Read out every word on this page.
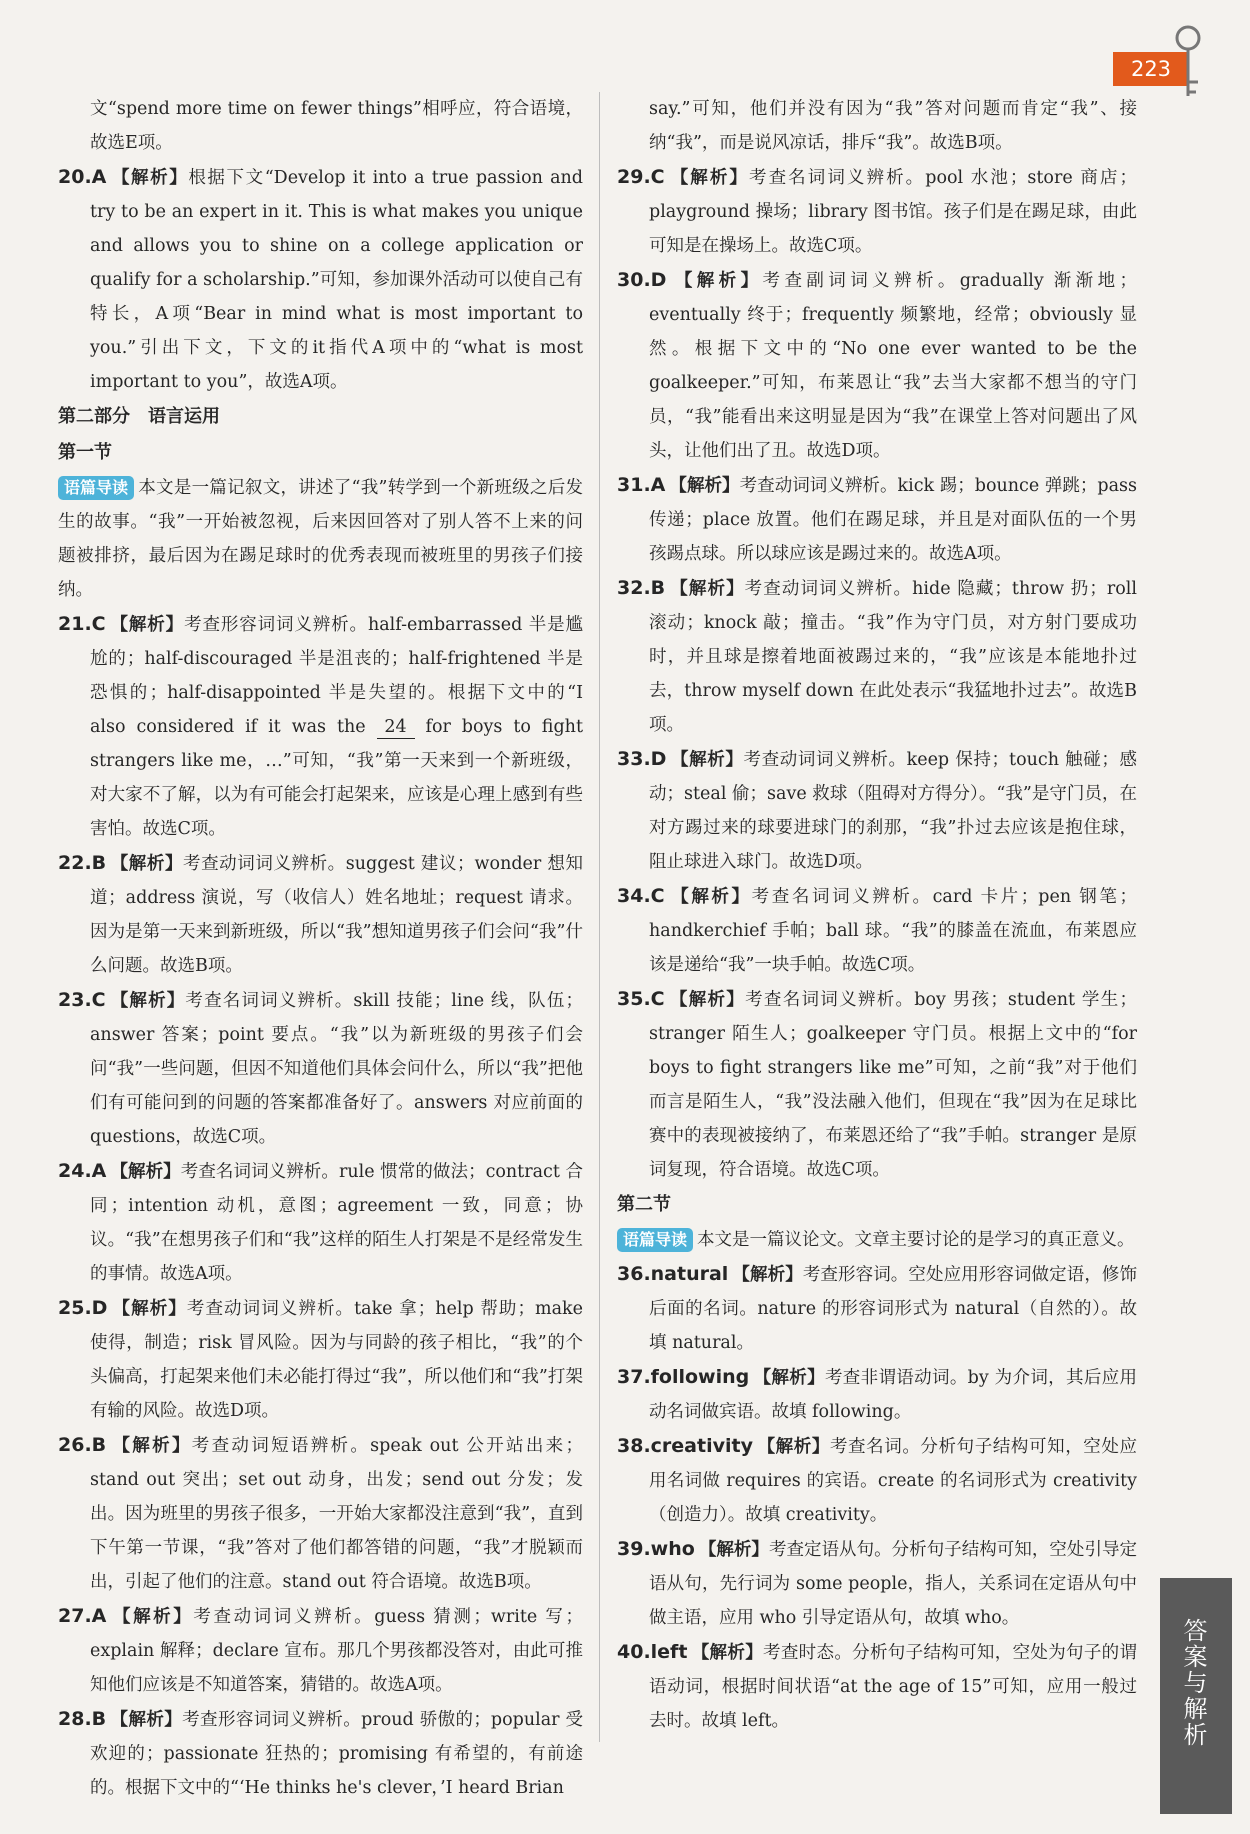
223
文“spend more time on fewer things”相呼应，符合语境，故选E项。
20.A 【解析】根据下文“Develop it into a true passion and try to be an expert in it. This is what makes you unique and allows you to shine on a college application or qualify for a scholarship.”可知，参加课外活动可以使自己有特长，A项“Bear in mind what is most important to you.”引出下文，下文的it指代A项中的“what is most important to you”，故选A项。
第二部分　语言运用
第一节
语篇导读 本文是一篇记叙文，讲述了“我”转学到一个新班级之后发生的故事。“我”一开始被忽视，后来因回答对了别人答不上来的问题被排挤，最后因为在踢足球时的优秀表现而被班里的男孩子们接纳。
21.C 【解析】考查形容词词义辨析。half-embarrassed 半是尴尬的；half-discouraged 半是沮丧的；half-frightened 半是恐惧的；half-disappointed 半是失望的。根据下文中的“I also considered if it was the 24 for boys to fight strangers like me，…”可知，“我”第一天来到一个新班级，对大家不了解，以为有可能会打起架来，应该是心理上感到有些害怕。故选C项。
22.B 【解析】考查动词词义辨析。suggest 建议；wonder 想知道；address 演说，写（收信人）姓名地址；request 请求。因为是第一天来到新班级，所以“我”想知道男孩子们会问“我”什么问题。故选B项。
23.C 【解析】考查名词词义辨析。skill 技能；line 线，队伍；answer 答案；point 要点。“我”以为新班级的男孩子们会问“我”一些问题，但因不知道他们具体会问什么，所以“我”把他们有可能问到的问题的答案都准备好了。answers 对应前面的 questions，故选C项。
24.A 【解析】考查名词词义辨析。rule 惯常的做法；contract 合同；intention 动机，意图；agreement 一致，同意；协议。“我”在想男孩子们和“我”这样的陌生人打架是不是经常发生的事情。故选A项。
25.D 【解析】考查动词词义辨析。take 拿；help 帮助；make 使得，制造；risk 冒风险。因为与同龄的孩子相比，“我”的个头偏高，打起架来他们未必能打得过“我”，所以他们和“我”打架有输的风险。故选D项。
26.B 【解析】考查动词短语辨析。speak out 公开站出来；stand out 突出；set out 动身，出发；send out 分发；发出。因为班里的男孩子很多，一开始大家都没注意到“我”，直到下午第一节课，“我”答对了他们都答错的问题，“我”才脱颖而出，引起了他们的注意。stand out 符合语境。故选B项。
27.A 【解析】考查动词词义辨析。guess 猜测；write 写；explain 解释；declare 宣布。那几个男孩都没答对，由此可推知他们应该是不知道答案，猜错的。故选A项。
28.B 【解析】考查形容词词义辨析。proud 骄傲的；popular 受欢迎的；passionate 狂热的；promising 有希望的，有前途的。根据下文中的“‘He thinks he's clever，’I heard Brian
say.”可知，他们并没有因为“我”答对问题而肯定“我”、接纳“我”，而是说风凉话，排斥“我”。故选B项。
29.C 【解析】考查名词词义辨析。pool 水池；store 商店；playground 操场；library 图书馆。孩子们是在踢足球，由此可知是在操场上。故选C项。
30.D 【解析】考查副词词义辨析。gradually 渐渐地；eventually 终于；frequently 频繁地，经常；obviously 显然。根据下文中的“No one ever wanted to be the goalkeeper.”可知，布莱恩让“我”去当大家都不想当的守门员，“我”能看出来这明显是因为“我”在课堂上答对问题出了风头，让他们出了丑。故选D项。
31.A 【解析】考查动词词义辨析。kick 踢；bounce 弹跳；pass 传递；place 放置。他们在踢足球，并且是对面队伍的一个男孩踢点球。所以球应该是踢过来的。故选A项。
32.B 【解析】考查动词词义辨析。hide 隐藏；throw 扔；roll 滚动；knock 敲；撞击。“我”作为守门员，对方射门要成功时，并且球是擦着地面被踢过来的，“我”应该是本能地扑过去，throw myself down 在此处表示“我猛地扑过去”。故选B项。
33.D 【解析】考查动词词义辨析。keep 保持；touch 触碰；感动；steal 偷；save 救球（阻碍对方得分）。“我”是守门员，在对方踢过来的球要进球门的刹那，“我”扑过去应该是抱住球，阻止球进入球门。故选D项。
34.C 【解析】考查名词词义辨析。card 卡片；pen 钢笔；handkerchief 手帕；ball 球。“我”的膝盖在流血，布莱恩应该是递给“我”一块手帕。故选C项。
35.C 【解析】考查名词词义辨析。boy 男孩；student 学生；stranger 陌生人；goalkeeper 守门员。根据上文中的“for boys to fight strangers like me”可知，之前“我”对于他们而言是陌生人，“我”没法融入他们，但现在“我”因为在足球比赛中的表现被接纳了，布莱恩还给了“我”手帕。stranger 是原词复现，符合语境。故选C项。
第二节
语篇导读 本文是一篇议论文。文章主要讨论的是学习的真正意义。
36.natural 【解析】考查形容词。空处应用形容词做定语，修饰后面的名词。nature 的形容词形式为 natural（自然的）。故填 natural。
37.following 【解析】考查非谓语动词。by 为介词，其后应用动名词做宾语。故填 following。
38.creativity 【解析】考查名词。分析句子结构可知，空处应用名词做 requires 的宾语。create 的名词形式为 creativity（创造力）。故填 creativity。
39.who 【解析】考查定语从句。分析句子结构可知，空处引导定语从句，先行词为 some people，指人，关系词在定语从句中做主语，应用 who 引导定语从句，故填 who。
40.left 【解析】考查时态。分析句子结构可知，空处为句子的谓语动词，根据时间状语“at the age of 15”可知，应用一般过去时。故填 left。	答案与解析
